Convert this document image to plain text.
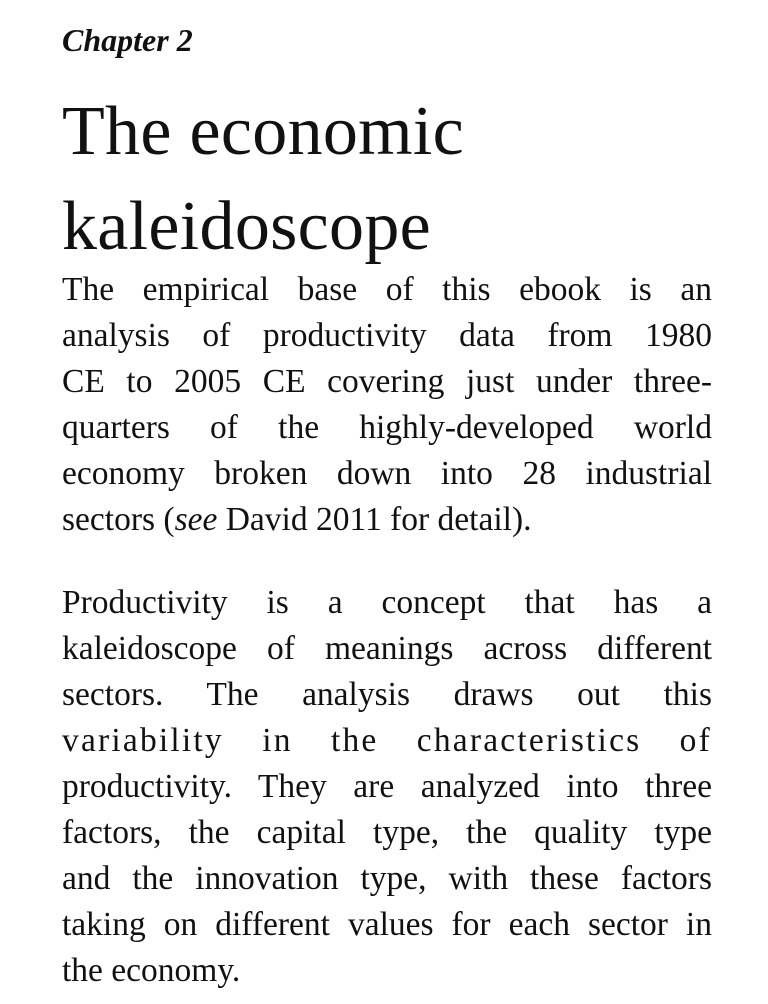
Chapter 2
The economic
kaleidoscope
The empirical base of this ebook is an
analysis of productivity data from 1980
CE to 2005 CE covering just under three-
quarters of the highly-developed world
economy broken down into 28 industrial
sectors (see David 2011 for detail).
Productivity is a concept that has a
kaleidoscope of meanings across different
sectors. The analysis draws out this
variability in the characteristics of
productivity. They are analyzed into three
factors, the capital type, the quality type
and the innovation type, with these factors
taking on different values for each sector in
the economy.
